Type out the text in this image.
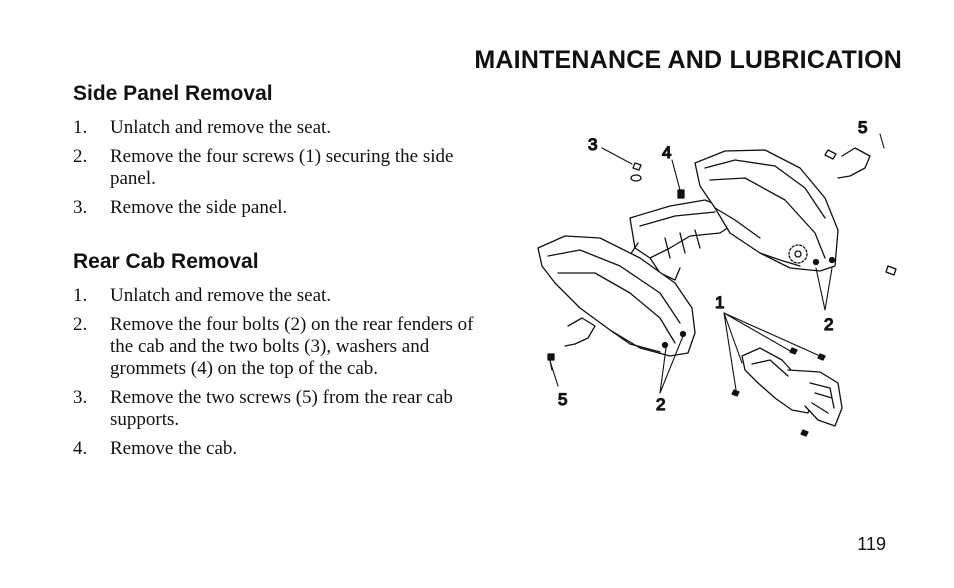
MAINTENANCE AND LUBRICATION
Side Panel Removal
1.	Unlatch and remove the seat.
2.	Remove the four screws (1) securing the side panel.
3.	Remove the side panel.
Rear Cab Removal
1.	Unlatch and remove the seat.
2.	Remove the four bolts (2) on the rear fenders of the cab and the two bolts (3), washers and grommets (4) on the top of the cab.
3.	Remove the two screws (5) from the rear cab supports.
4.	Remove the cab.
3	4
5
1
2
5	2
119
